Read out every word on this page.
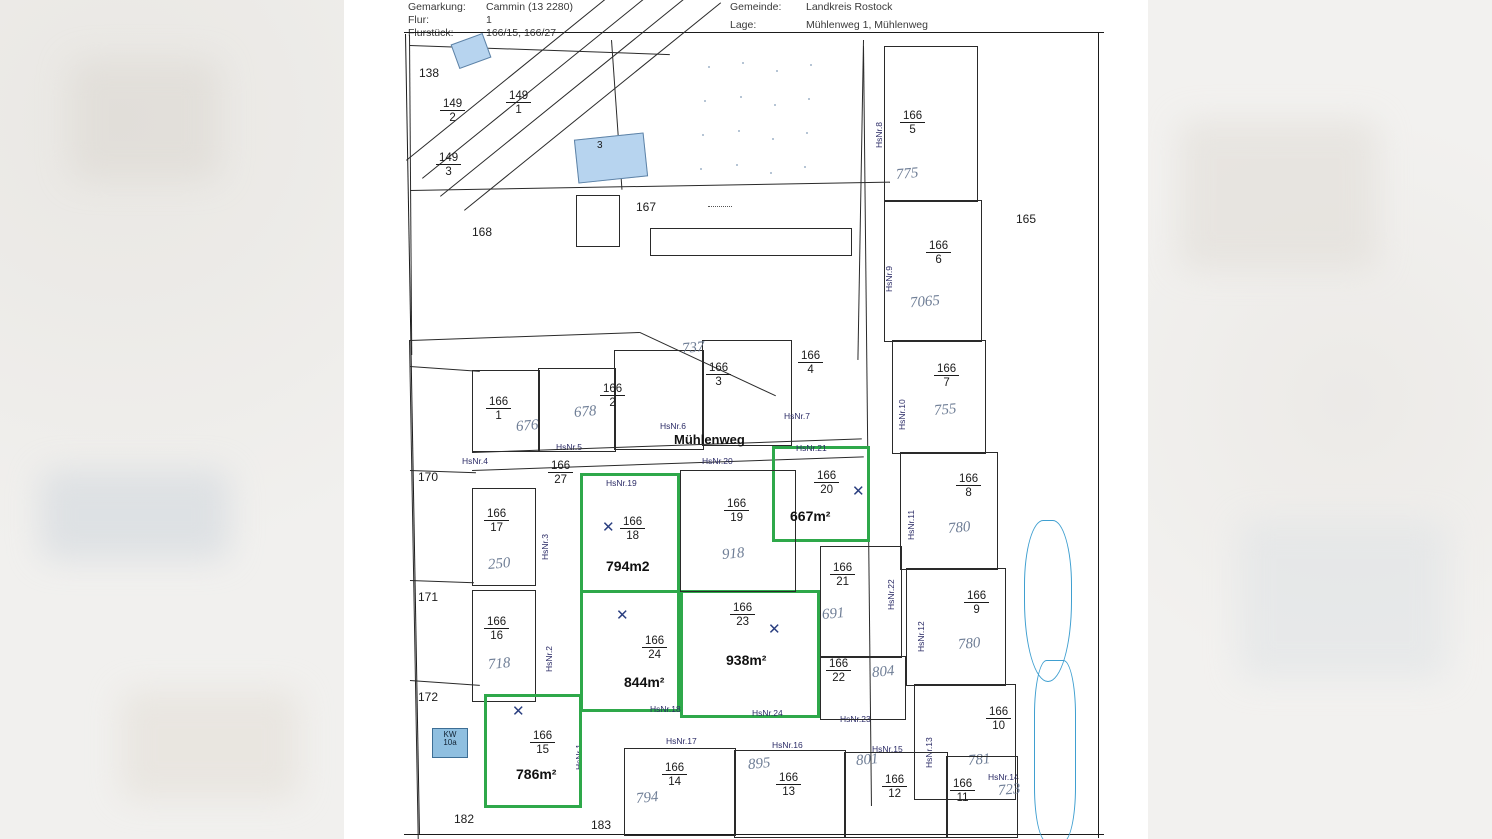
Gemarkung: Cammin (13 2280)
Flur:	1
Gemeinde: Landkreis Rostock
Lage:	Mühlenweg 1, Mühlenweg
138
168
167
165
3
$\frac{149}{2}$	$\frac{149}{1}$
$\frac{149}{3}$
170
171
172
182	183
$\frac{166}{1}$	$\frac{166}{2}$
$\frac{166}{3}$	$\frac{166}{4}$
HsNr.4
HsNr.5
HsNr.6
HsNr.7
676
678
737
Mühlenweg
$\frac{166}{5}$
$\frac{166}{6}$
$\frac{166}{7}$
$\frac{166}{8}$
$\frac{166}{9}$
$\frac{166}{10}$
HsNr.8
HsNr.9
HsNr.10
HsNr.11
HsNr.12
HsNr.13
775
7065
755
780
780
781
$\frac{166}{17}$
$\frac{166}{16}$
250
718
HsNr.3
HsNr.2
HsNr.1
$\frac{166}{27}$
$\frac{166}{18}$
$\frac{166}{19}$
$\frac{166}{20}$
$\frac{166}{24}$
$\frac{166}{23}$
$\frac{166}{15}$
HsNr.19
HsNr.20
HsNr.21
HsNr.18	HsNr.24
HsNr.23
HsNr.17	HsNr.16	HsNr.15
HsNr.14
918
✕
✕
✕
✕
✕
667m²
794m2
844m²
938m²
786m²
$\frac{166}{21}$
$\frac{166}{22}$
HsNr.22
691
804
$\frac{166}{14}$	$\frac{166}{13}$	$\frac{166}{12}$	$\frac{166}{11}$
794
895	801
723
KW
10a
